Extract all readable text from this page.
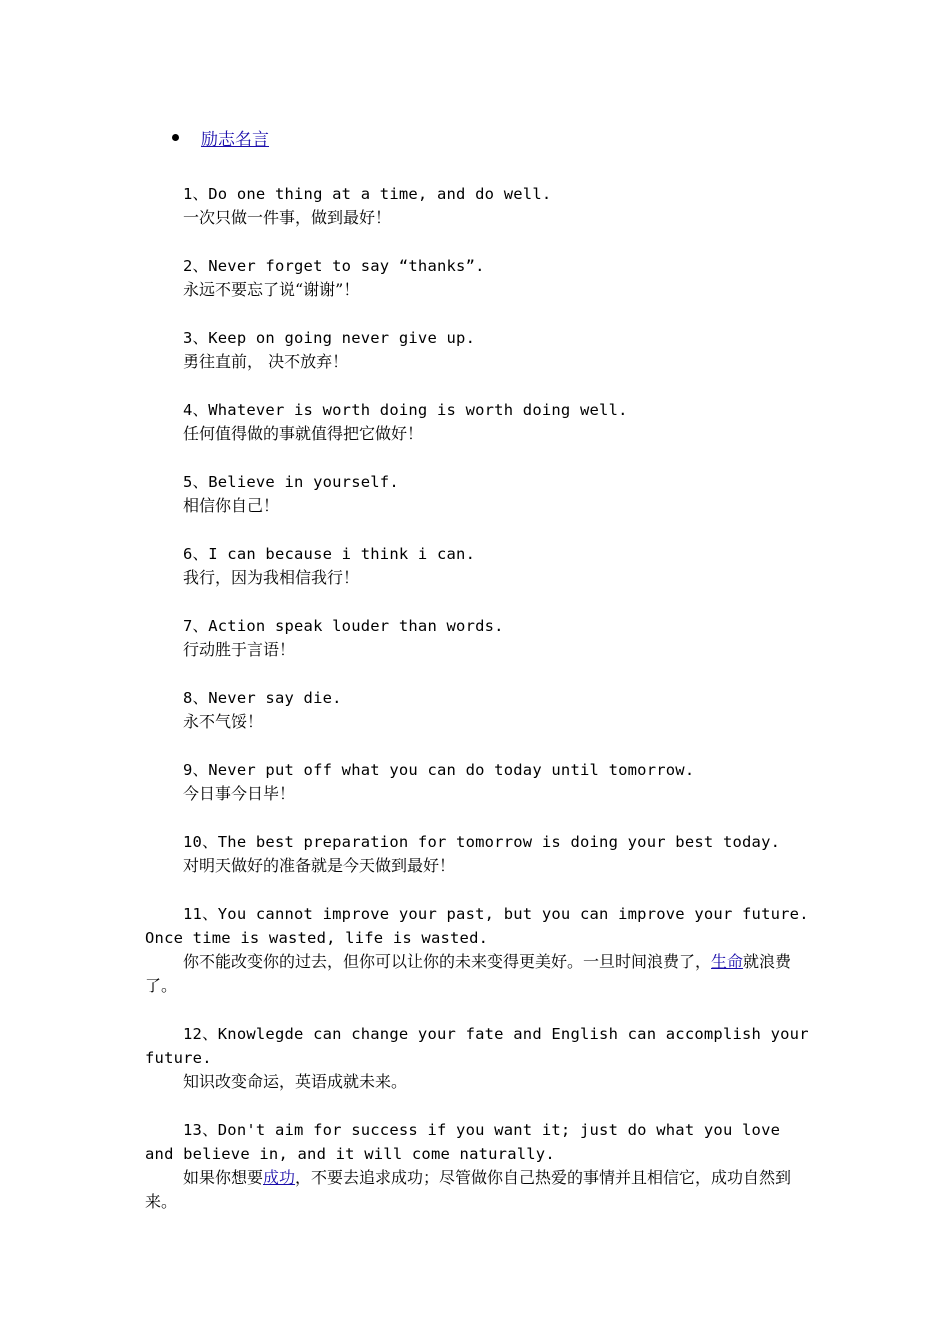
励志名言
1、Do one thing at a time, and do well.
一次只做一件事，做到最好！
2、Never forget to say “thanks”.
永远不要忘了说“谢谢”！
3、Keep on going never give up.
勇往直前， 决不放弃！
4、Whatever is worth doing is worth doing well.
任何值得做的事就值得把它做好！
5、Believe in yourself.
相信你自己！
6、I can because i think i can.
我行，因为我相信我行！
7、Action speak louder than words.
行动胜于言语！
8、Never say die.
永不气馁！
9、Never put off what you can do today until tomorrow.
今日事今日毕！
10、The best preparation for tomorrow is doing your best today.
对明天做好的准备就是今天做到最好！
11、You cannot improve your past, but you can improve your future. Once time is wasted, life is wasted.
你不能改变你的过去，但你可以让你的未来变得更美好。一旦时间浪费了，生命就浪费了。
12、Knowlegde can change your fate and English can accomplish your future.
知识改变命运，英语成就未来。
13、Don't aim for success if you want it; just do what you love and believe in, and it will come naturally.
如果你想要成功，不要去追求成功；尽管做你自己热爱的事情并且相信它，成功自然到来。
